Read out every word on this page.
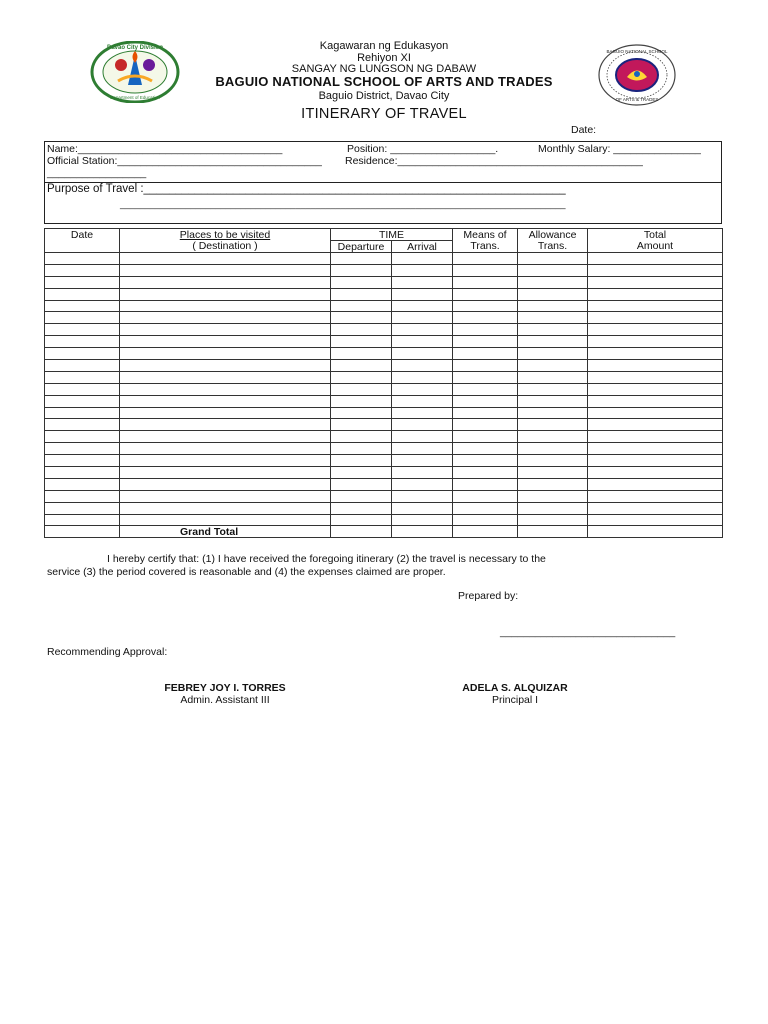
Davao City Division
Department of Education
BAGUIO NATIONAL SCHOOL
OF ARTS & TRADES
Kagawaran ng Edukasyon
Rehiyon XI
SANGAY NG LUNGSON NG DABAW
BAGUIO NATIONAL SCHOOL OF ARTS AND TRADES
Baguio District, Davao City
ITINERARY OF TRAVEL
Date:
Name:___________________________________	Position: __________________.	Monthly Salary: _______________
Official Station:___________________________________ Residence:__________________________________________
_________________
Purpose of Travel :__________________________________________________________________
_________________________________________________________________________________________
Date	Places to be visited	TIME		Means of	Allowance	Total
	( Destination )	Departure	Arrival	Trans.	Trans.	Amount

	Grand Total					
I hereby certify that: (1) I have received the foregoing itinerary (2) the travel is necessary to the
service (3) the period covered is reasonable and (4) the expenses claimed are proper.
Prepared by:
______________________________
Recommending Approval:
FEBREY JOY I. TORRES
Admin. Assistant III
ADELA S. ALQUIZAR
Principal I
